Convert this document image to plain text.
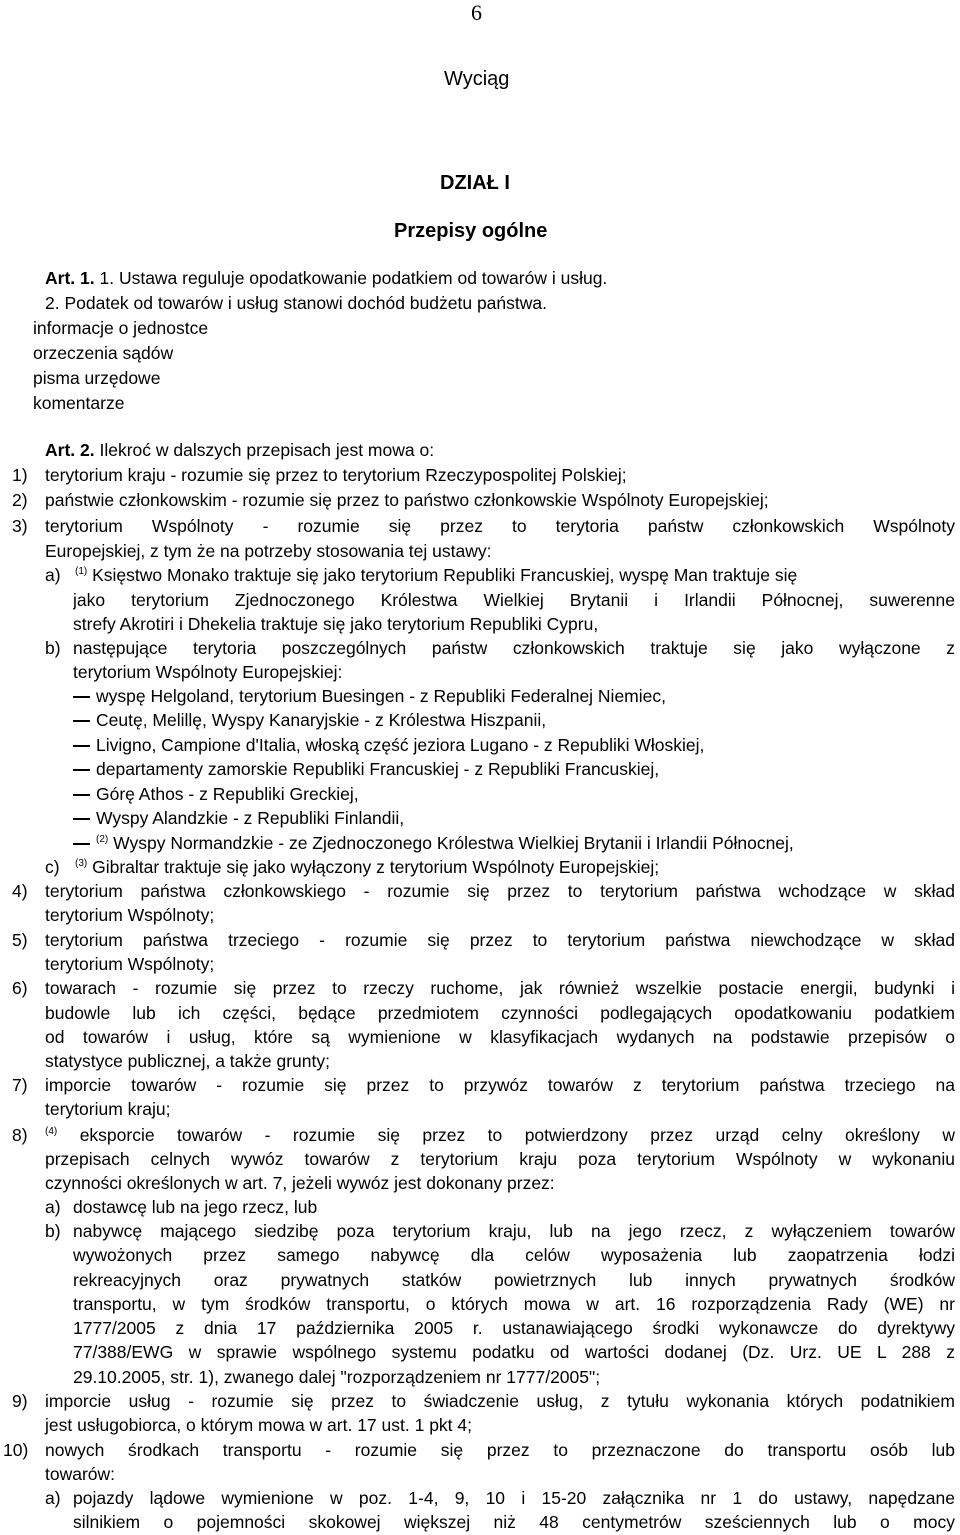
6
Wyciąg
DZIAŁ I
Przepisy ogólne
Art. 1. 1. Ustawa reguluje opodatkowanie podatkiem od towarów i usług.
2. Podatek od towarów i usług stanowi dochód budżetu państwa.
informacje o jednostce
orzeczenia sądów
pisma urzędowe
komentarze
Art. 2. Ilekroć w dalszych przepisach jest mowa o:
1) terytorium kraju - rozumie się przez to terytorium Rzeczypospolitej Polskiej;
2) państwie członkowskim - rozumie się przez to państwo członkowskie Wspólnoty Europejskiej;
3) terytorium Wspólnoty - rozumie się przez to terytoria państw członkowskich Wspólnoty
Europejskiej, z tym że na potrzeby stosowania tej ustawy:
a) $^{(1)}$ Księstwo Monako traktuje się jako terytorium Republiki Francuskiej, wyspę Man traktuje się
jako terytorium Zjednoczonego Królestwa Wielkiej Brytanii i Irlandii Północnej, suwerenne
strefy Akrotiri i Dhekelia traktuje się jako terytorium Republiki Cypru,
b) następujące terytoria poszczególnych państw członkowskich traktuje się jako wyłączone z
terytorium Wspólnoty Europejskiej:
wyspę Helgoland, terytorium Buesingen - z Republiki Federalnej Niemiec,
Ceutę, Melillę, Wyspy Kanaryjskie - z Królestwa Hiszpanii,
Livigno, Campione d'Italia, włoską część jeziora Lugano - z Republiki Włoskiej,
departamenty zamorskie Republiki Francuskiej - z Republiki Francuskiej,
Górę Athos - z Republiki Greckiej,
Wyspy Alandzkie - z Republiki Finlandii,
$^{(2)}$ Wyspy Normandzkie - ze Zjednoczonego Królestwa Wielkiej Brytanii i Irlandii Północnej,
c) $^{(3)}$ Gibraltar traktuje się jako wyłączony z terytorium Wspólnoty Europejskiej;
4) terytorium państwa członkowskiego - rozumie się przez to terytorium państwa wchodzące w skład
terytorium Wspólnoty;
5) terytorium państwa trzeciego - rozumie się przez to terytorium państwa niewchodzące w skład
terytorium Wspólnoty;
6) towarach - rozumie się przez to rzeczy ruchome, jak również wszelkie postacie energii, budynki i
budowle lub ich części, będące przedmiotem czynności podlegających opodatkowaniu podatkiem
od towarów i usług, które są wymienione w klasyfikacjach wydanych na podstawie przepisów o
statystyce publicznej, a także grunty;
7) imporcie towarów - rozumie się przez to przywóz towarów z terytorium państwa trzeciego na
terytorium kraju;
8) $^{(4)}$ eksporcie towarów - rozumie się przez to potwierdzony przez urząd celny określony w
przepisach celnych wywóz towarów z terytorium kraju poza terytorium Wspólnoty w wykonaniu
czynności określonych w art. 7, jeżeli wywóz jest dokonany przez:
a) dostawcę lub na jego rzecz, lub
b) nabywcę mającego siedzibę poza terytorium kraju, lub na jego rzecz, z wyłączeniem towarów
wywożonych przez samego nabywcę dla celów wyposażenia lub zaopatrzenia łodzi
rekreacyjnych oraz prywatnych statków powietrznych lub innych prywatnych środków
transportu, w tym środków transportu, o których mowa w art. 16 rozporządzenia Rady (WE) nr
1777/2005 z dnia 17 października 2005 r. ustanawiającego środki wykonawcze do dyrektywy
77/388/EWG w sprawie wspólnego systemu podatku od wartości dodanej (Dz. Urz. UE L 288 z
29.10.2005, str. 1), zwanego dalej "rozporządzeniem nr 1777/2005";
9) imporcie usług - rozumie się przez to świadczenie usług, z tytułu wykonania których podatnikiem
jest usługobiorca, o którym mowa w art. 17 ust. 1 pkt 4;
10) nowych środkach transportu - rozumie się przez to przeznaczone do transportu osób lub
towarów:
a) pojazdy lądowe wymienione w poz. 1-4, 9, 10 i 15-20 załącznika nr 1 do ustawy, napędzane
silnikiem o pojemności skokowej większej niż 48 centymetrów sześciennych lub o mocy
